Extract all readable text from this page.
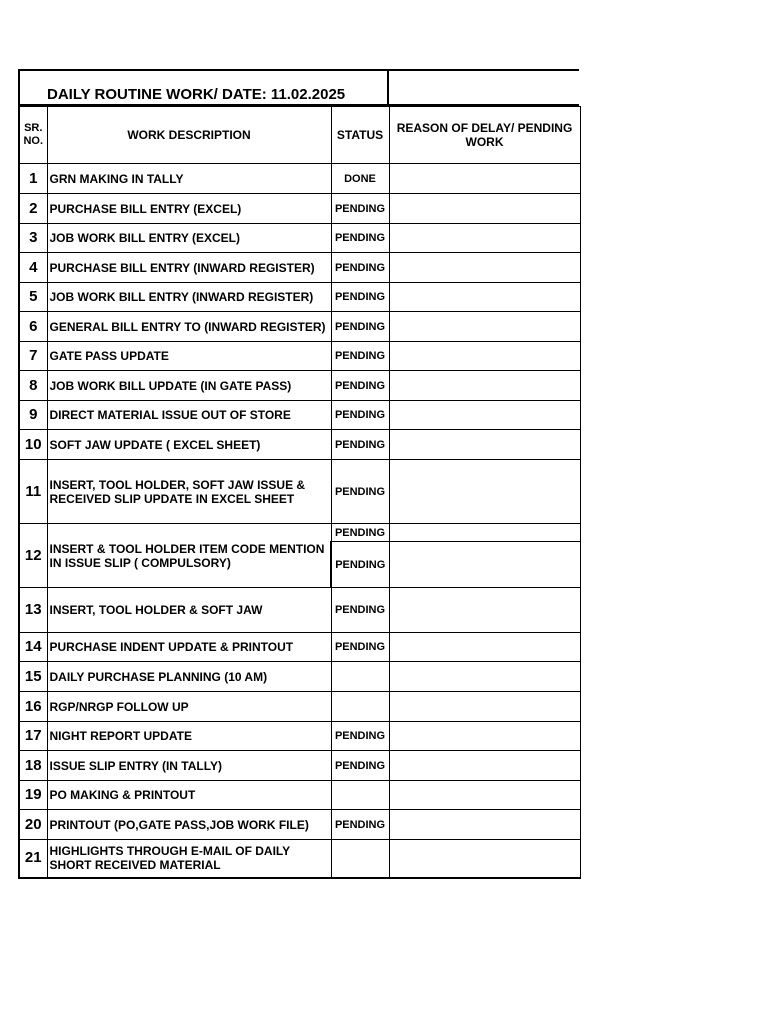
DAILY ROUTINE WORK/ DATE: 11.02.2025
SR. NO.	WORK DESCRIPTION	STATUS	REASON OF DELAY/ PENDING WORK
1	GRN MAKING IN TALLY	DONE	
2	PURCHASE BILL ENTRY (EXCEL)	PENDING	
3	JOB WORK BILL ENTRY (EXCEL)	PENDING	
4	PURCHASE BILL ENTRY (INWARD REGISTER)	PENDING	
5	JOB WORK BILL ENTRY (INWARD REGISTER)	PENDING	
6	GENERAL BILL ENTRY TO (INWARD REGISTER)	PENDING	
7	GATE PASS UPDATE	PENDING	
8	JOB WORK BILL UPDATE (IN GATE PASS)	PENDING	
9	DIRECT MATERIAL ISSUE OUT OF STORE	PENDING	
10	SOFT JAW UPDATE ( EXCEL SHEET)	PENDING	
11	INSERT, TOOL HOLDER, SOFT JAW ISSUE & RECEIVED SLIP UPDATE IN EXCEL SHEET	PENDING	
12	INSERT & TOOL HOLDER ITEM CODE MENTION IN ISSUE SLIP ( COMPULSORY)	PENDING	
		PENDING	
13	INSERT, TOOL HOLDER & SOFT JAW	PENDING	
14	PURCHASE INDENT UPDATE & PRINTOUT	PENDING	
15	DAILY PURCHASE PLANNING (10 AM)		
16	RGP/NRGP FOLLOW UP		
17	NIGHT REPORT UPDATE	PENDING	
18	ISSUE SLIP ENTRY (IN TALLY)	PENDING	
19	PO MAKING & PRINTOUT		
20	PRINTOUT (PO,GATE PASS,JOB WORK FILE)	PENDING	
21	HIGHLIGHTS THROUGH E-MAIL OF DAILY SHORT RECEIVED MATERIAL		
